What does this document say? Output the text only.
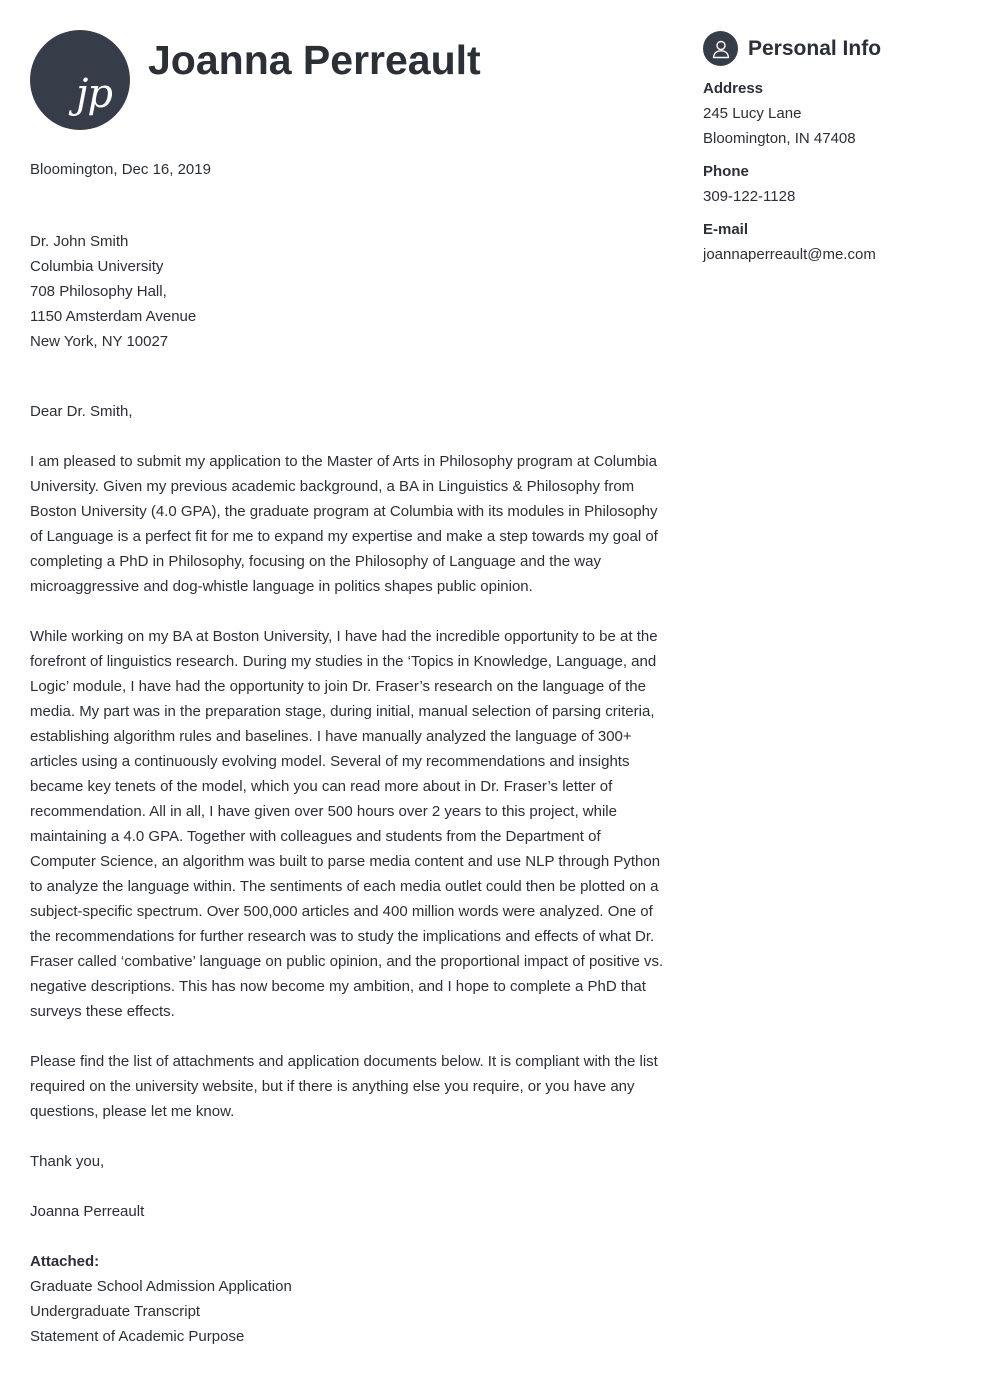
jp
Joanna Perreault
Bloomington, Dec 16, 2019
Dr. John Smith
Columbia University
708 Philosophy Hall,
1150 Amsterdam Avenue
New York, NY 10027
Dear Dr. Smith,
I am pleased to submit my application to the Master of Arts in Philosophy program at Columbia University. Given my previous academic background, a BA in Linguistics & Philosophy from Boston University (4.0 GPA), the graduate program at Columbia with its modules in Philosophy of Language is a perfect fit for me to expand my expertise and make a step towards my goal of completing a PhD in Philosophy, focusing on the Philosophy of Language and the way microaggressive and dog-whistle language in politics shapes public opinion.
While working on my BA at Boston University, I have had the incredible opportunity to be at the forefront of linguistics research. During my studies in the ‘Topics in Knowledge, Language, and Logic’ module, I have had the opportunity to join Dr. Fraser’s research on the language of the media. My part was in the preparation stage, during initial, manual selection of parsing criteria, establishing algorithm rules and baselines. I have manually analyzed the language of 300+ articles using a continuously evolving model. Several of my recommendations and insights became key tenets of the model, which you can read more about in Dr. Fraser’s letter of recommendation. All in all, I have given over 500 hours over 2 years to this project, while maintaining a 4.0 GPA. Together with colleagues and students from the Department of Computer Science, an algorithm was built to parse media content and use NLP through Python to analyze the language within. The sentiments of each media outlet could then be plotted on a subject-specific spectrum. Over 500,000 articles and 400 million words were analyzed. One of the recommendations for further research was to study the implications and effects of what Dr. Fraser called ‘combative’ language on public opinion, and the proportional impact of positive vs. negative descriptions. This has now become my ambition, and I hope to complete a PhD that surveys these effects.
Please find the list of attachments and application documents below. It is compliant with the list required on the university website, but if there is anything else you require, or you have any questions, please let me know.
Thank you,
Joanna Perreault
Attached:
Graduate School Admission Application
Undergraduate Transcript
Statement of Academic Purpose
Personal Info
Address
245 Lucy Lane
Bloomington, IN 47408
Phone
309-122-1128
E-mail
joannaperreault@me.com
